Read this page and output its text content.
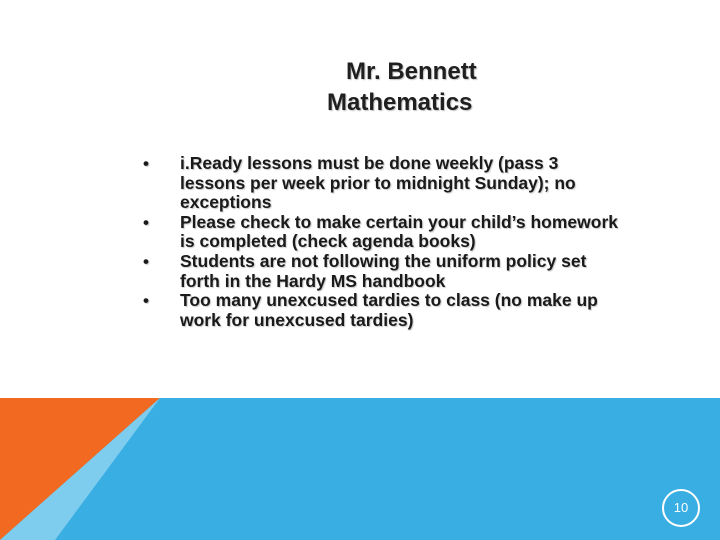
Mr. Bennett
Mathematics
• i.Ready lessons must be done weekly (pass 3 lessons per week prior to midnight Sunday); no exceptions
• Please check to make certain your child’s homework is completed (check agenda books)
• Students are not following the uniform policy set forth in the Hardy MS handbook
• Too many unexcused tardies to class (no make up work for unexcused tardies)
10
